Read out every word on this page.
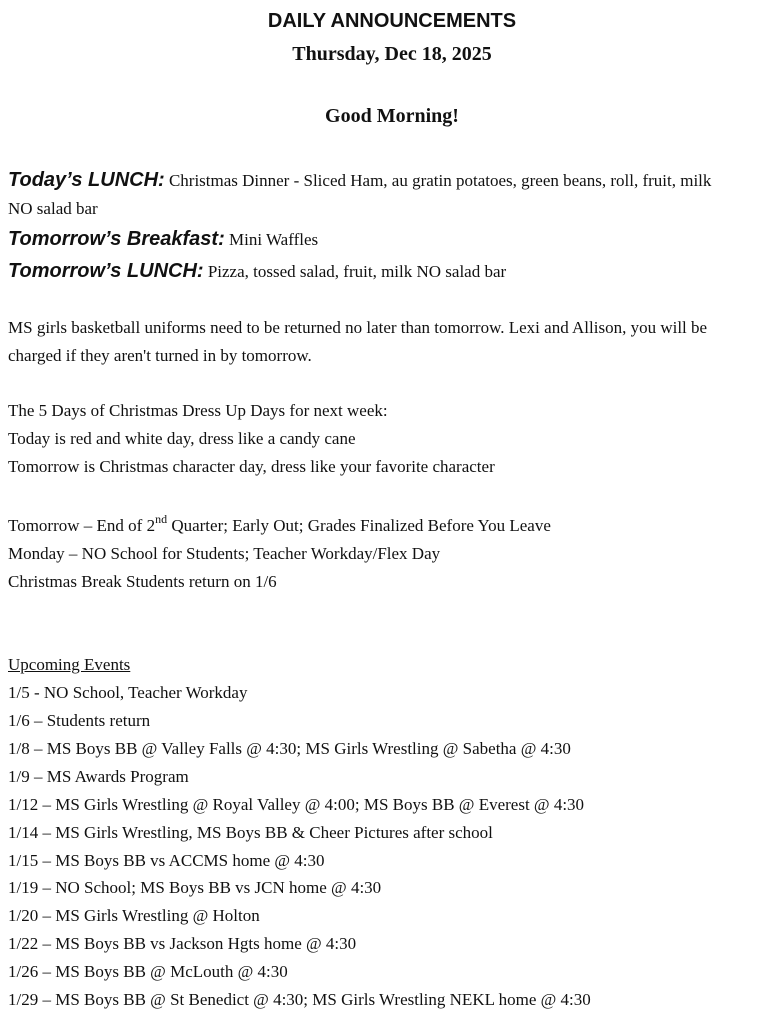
DAILY ANNOUNCEMENTS
Thursday, Dec 18, 2025
Good Morning!
Today’s LUNCH: Christmas Dinner - Sliced Ham, au gratin potatoes, green beans, roll, fruit, milk
NO salad bar
Tomorrow’s Breakfast: Mini Waffles
Tomorrow’s LUNCH: Pizza, tossed salad, fruit, milk NO salad bar
MS girls basketball uniforms need to be returned no later than tomorrow. Lexi and Allison, you will be
charged if they aren't turned in by tomorrow.
The 5 Days of Christmas Dress Up Days for next week:
Today is red and white day, dress like a candy cane
Tomorrow is Christmas character day, dress like your favorite character
Tomorrow – End of 2nd Quarter; Early Out; Grades Finalized Before You Leave
Monday – NO School for Students; Teacher Workday/Flex Day
Christmas Break Students return on 1/6
Upcoming Events
1/5 - NO School, Teacher Workday
1/6 – Students return
1/8 – MS Boys BB @ Valley Falls @ 4:30; MS Girls Wrestling @ Sabetha @ 4:30
1/9 – MS Awards Program
1/12 – MS Girls Wrestling @ Royal Valley @ 4:00; MS Boys BB @ Everest @ 4:30
1/14 – MS Girls Wrestling, MS Boys BB & Cheer Pictures after school
1/15 – MS Boys BB vs ACCMS home @ 4:30
1/19 – NO School; MS Boys BB vs JCN home @ 4:30
1/20 – MS Girls Wrestling @ Holton
1/22 – MS Boys BB vs Jackson Hgts home @ 4:30
1/26 – MS Boys BB @ McLouth @ 4:30
1/29 – MS Boys BB @ St Benedict @ 4:30; MS Girls Wrestling NEKL home @ 4:30
